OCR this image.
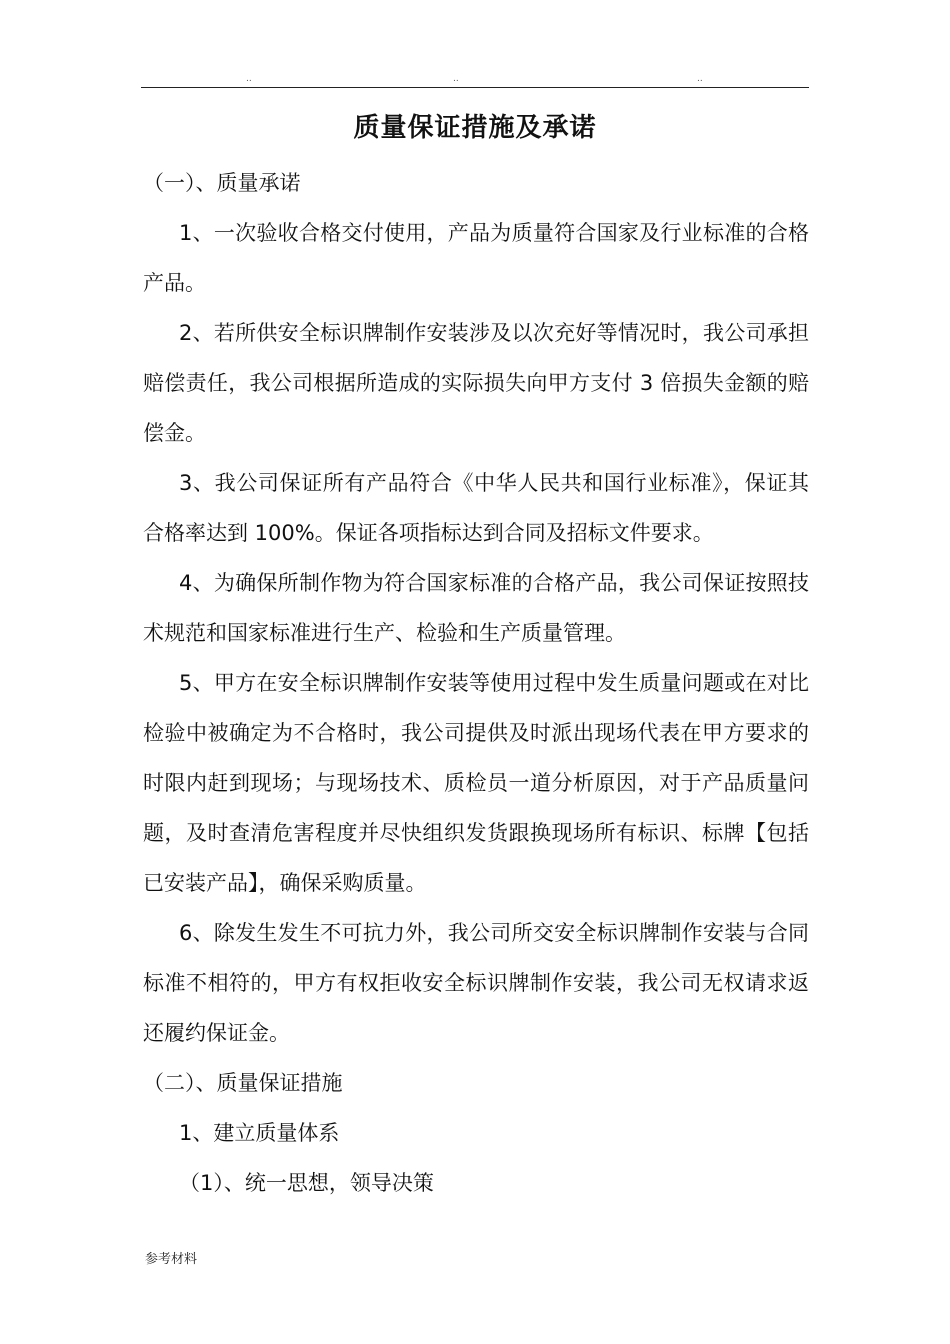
..	..	..
质量保证措施及承诺

（一）、质量承诺

1、一次验收合格交付使用，产品为质量符合国家及行业标准的合格产品。

2、若所供安全标识牌制作安装涉及以次充好等情况时，我公司承担赔偿责任，我公司根据所造成的实际损失向甲方支付 3 倍损失金额的赔偿金。

3、我公司保证所有产品符合《中华人民共和国行业标准》，保证其合格率达到 100%。保证各项指标达到合同及招标文件要求。

4、为确保所制作物为符合国家标准的合格产品，我公司保证按照技术规范和国家标准进行生产、检验和生产质量管理。

5、甲方在安全标识牌制作安装等使用过程中发生质量问题或在对比检验中被确定为不合格时，我公司提供及时派出现场代表在甲方要求的时限内赶到现场；与现场技术、质检员一道分析原因，对于产品质量问题，及时查清危害程度并尽快组织发货跟换现场所有标识、标牌【包括已安装产品】，确保采购质量。

6、除发生发生不可抗力外，我公司所交安全标识牌制作安装与合同标准不相符的，甲方有权拒收安全标识牌制作安装，我公司无权请求返还履约保证金。

（二）、质量保证措施

1、建立质量体系

（1）、统一思想，领导决策

参考材料
